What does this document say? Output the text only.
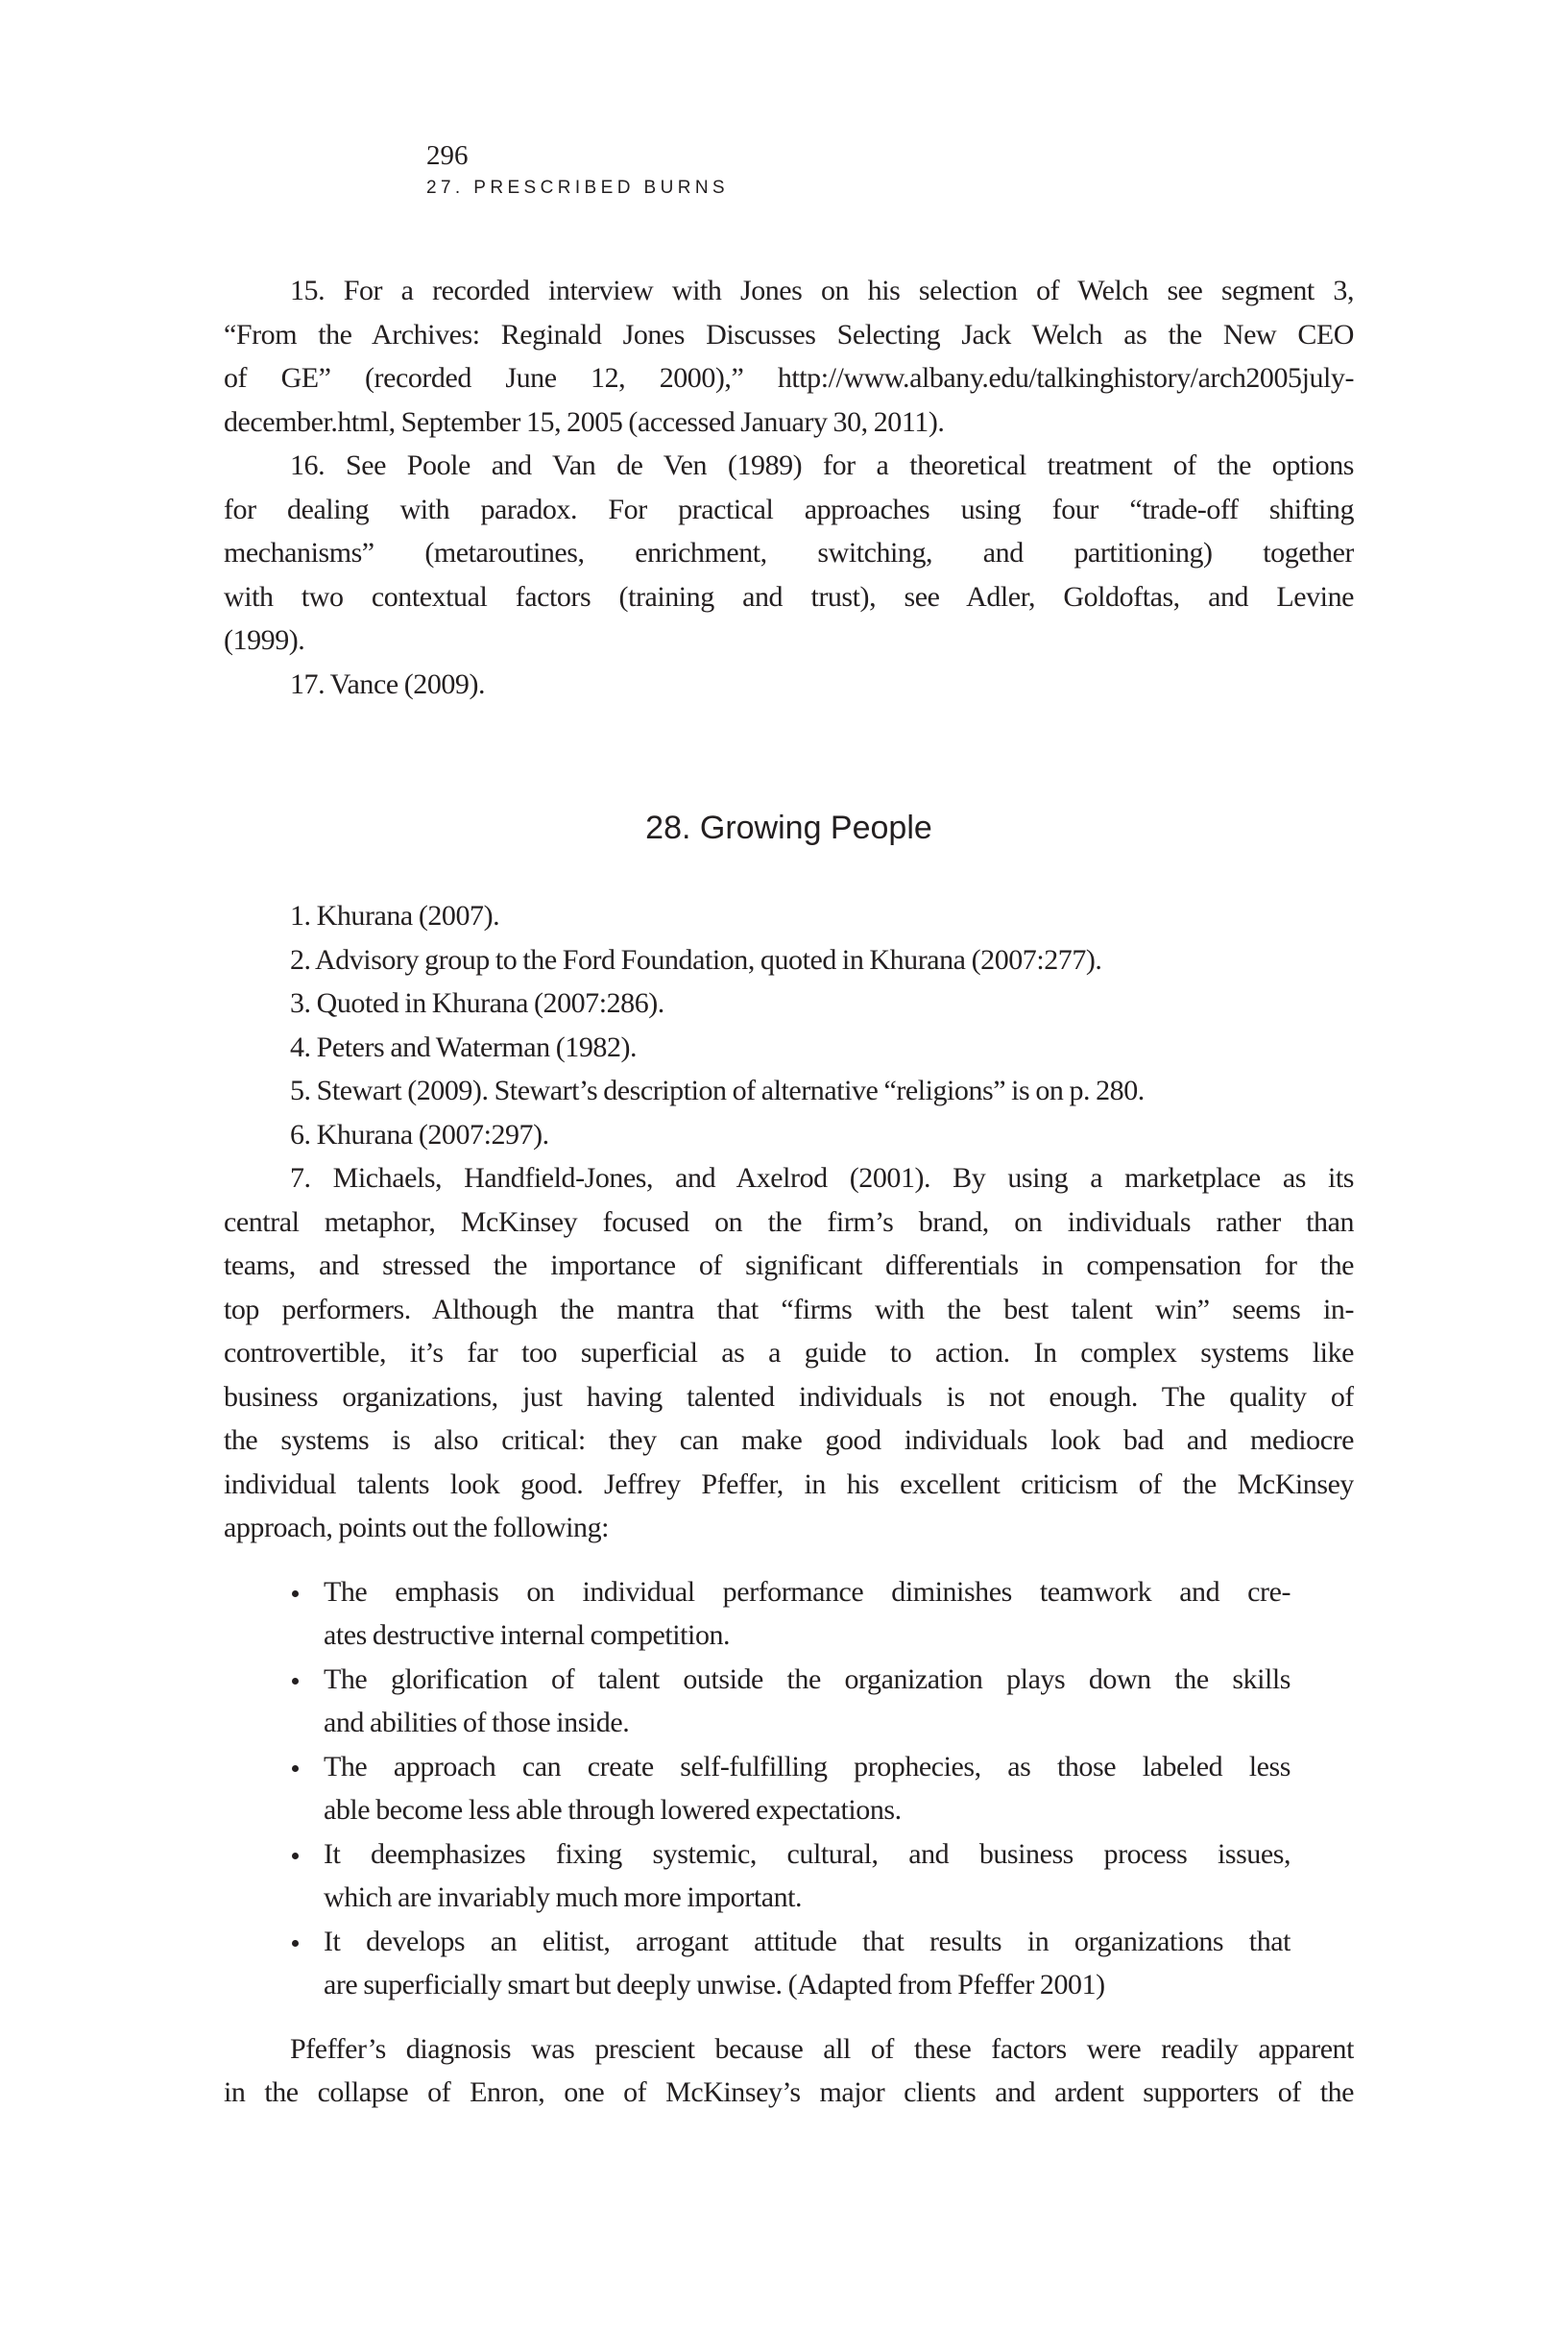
296
27. PRESCRIBED BURNS
15. For a recorded interview with Jones on his selection of Welch see segment 3,
“From the Archives: Reginald Jones Discusses Selecting Jack Welch as the New CEO
of GE” (recorded June 12, 2000),” http://www.albany.edu/talkinghistory/arch2005july-
december.html, September 15, 2005 (accessed January 30, 2011).
16. See Poole and Van de Ven (1989) for a theoretical treatment of the options
for dealing with paradox. For practical approaches using four “trade-off shifting
mechanisms” (metaroutines, enrichment, switching, and partitioning) together
with two contextual factors (training and trust), see Adler, Goldoftas, and Levine
(1999).
17. Vance (2009).
28. Growing People
1. Khurana (2007).
2. Advisory group to the Ford Foundation, quoted in Khurana (2007:277).
3. Quoted in Khurana (2007:286).
4. Peters and Waterman (1982).
5. Stewart (2009). Stewart’s description of alternative “religions” is on p. 280.
6. Khurana (2007:297).
7. Michaels, Handfield-Jones, and Axelrod (2001). By using a marketplace as its
central metaphor, McKinsey focused on the firm’s brand, on individuals rather than
teams, and stressed the importance of significant differentials in compensation for the
top performers. Although the mantra that “firms with the best talent win” seems in-
controvertible, it’s far too superficial as a guide to action. In complex systems like
business organizations, just having talented individuals is not enough. The quality of
the systems is also critical: they can make good individuals look bad and mediocre
individual talents look good. Jeffrey Pfeffer, in his excellent criticism of the McKinsey
approach, points out the following:
The emphasis on individual performance diminishes teamwork and cre-
ates destructive internal competition.
The glorification of talent outside the organization plays down the skills
and abilities of those inside.
The approach can create self-fulfilling prophecies, as those labeled less
able become less able through lowered expectations.
It deemphasizes fixing systemic, cultural, and business process issues,
which are invariably much more important.
It develops an elitist, arrogant attitude that results in organizations that
are superficially smart but deeply unwise. (Adapted from Pfeffer 2001)
Pfeffer’s diagnosis was prescient because all of these factors were readily apparent
in the collapse of Enron, one of McKinsey’s major clients and ardent supporters of the
